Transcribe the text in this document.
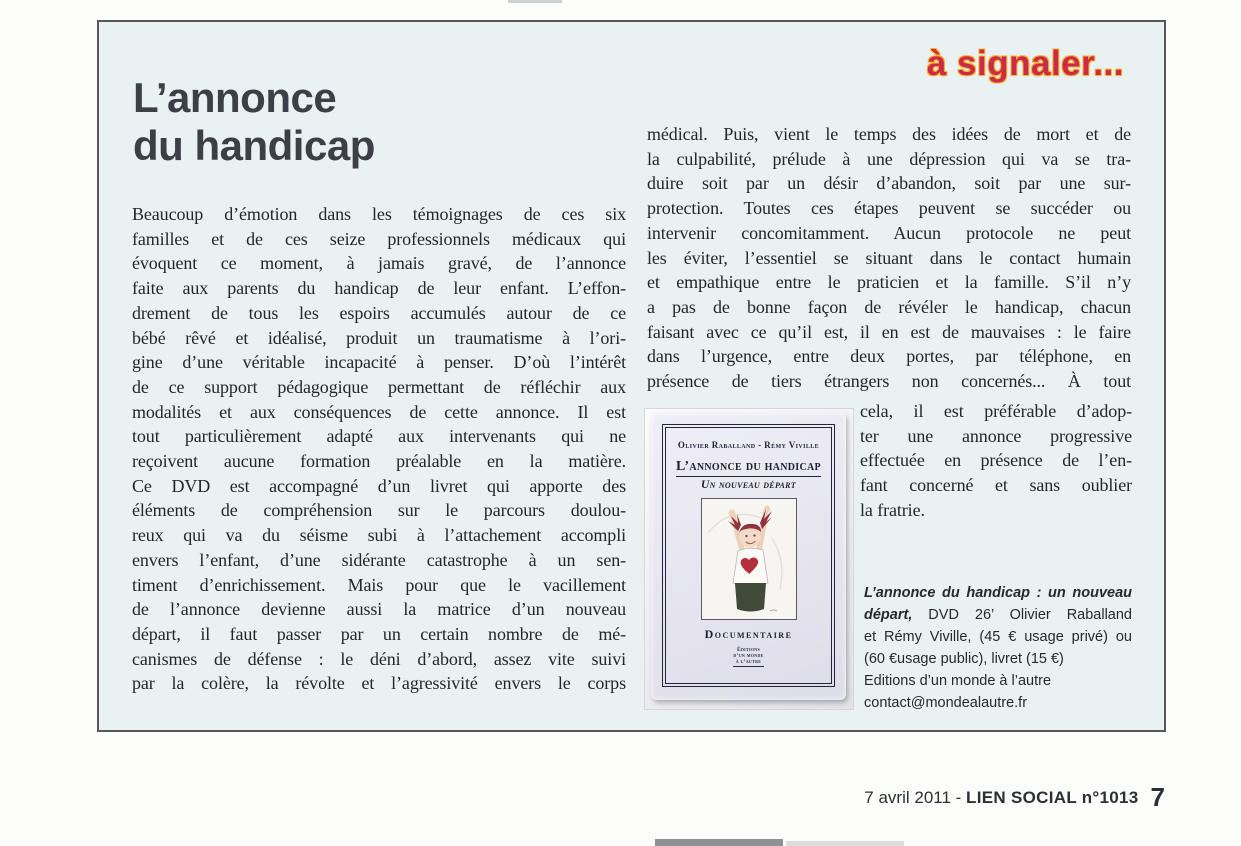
à signaler...
L’annonce
du handicap
Beaucoup d’émotion dans les témoignages de ces six
familles et de ces seize professionnels médicaux qui
évoquent ce moment, à jamais gravé, de l’annonce
faite aux parents du handicap de leur enfant. L’effon-
drement de tous les espoirs accumulés autour de ce
bébé rêvé et idéalisé, produit un traumatisme à l’ori-
gine d’une véritable incapacité à penser. D’où l’intérêt
de ce support pédagogique permettant de réfléchir aux
modalités et aux conséquences de cette annonce. Il est
tout particulièrement adapté aux intervenants qui ne
reçoivent aucune formation préalable en la matière.
Ce DVD est accompagné d’un livret qui apporte des
éléments de compréhension sur le parcours doulou-
reux qui va du séisme subi à l’attachement accompli
envers l’enfant, d’une sidérante catastrophe à un sen-
timent d’enrichissement. Mais pour que le vacillement
de l’annonce devienne aussi la matrice d’un nouveau
départ, il faut passer par un certain nombre de mé-
canismes de défense : le déni d’abord, assez vite suivi
par la colère, la révolte et l’agressivité envers le corps
médical. Puis, vient le temps des idées de mort et de
la culpabilité, prélude à une dépression qui va se tra-
duire soit par un désir d’abandon, soit par une sur-
protection. Toutes ces étapes peuvent se succéder ou
intervenir concomitamment. Aucun protocole ne peut
les éviter, l’essentiel se situant dans le contact humain
et empathique entre le praticien et la famille. S’il n’y
a pas de bonne façon de révéler le handicap, chacun
faisant avec ce qu’il est, il en est de mauvaises : le faire
dans l’urgence, entre deux portes, par téléphone, en
présence de tiers étrangers non concernés... À tout
cela, il est préférable d’adop-
ter une annonce progressive
effectuée en présence de l’en-
fant concerné et sans oublier
la fratrie.
Olivier Raballand - Rémy Viville
L’annonce du handicap
Un nouveau départ
Documentaire
Éditions
d’un monde
à l’autre
L’annonce du handicap : un nouveau
départ, DVD 26’ Olivier Raballand
et Rémy Viville, (45 € usage privé) ou
(60 €usage public), livret (15 €)
Editions d’un monde à l’autre
contact@mondealautre.fr
7 avril 2011 - LIEN SOCIAL n°1013 7
